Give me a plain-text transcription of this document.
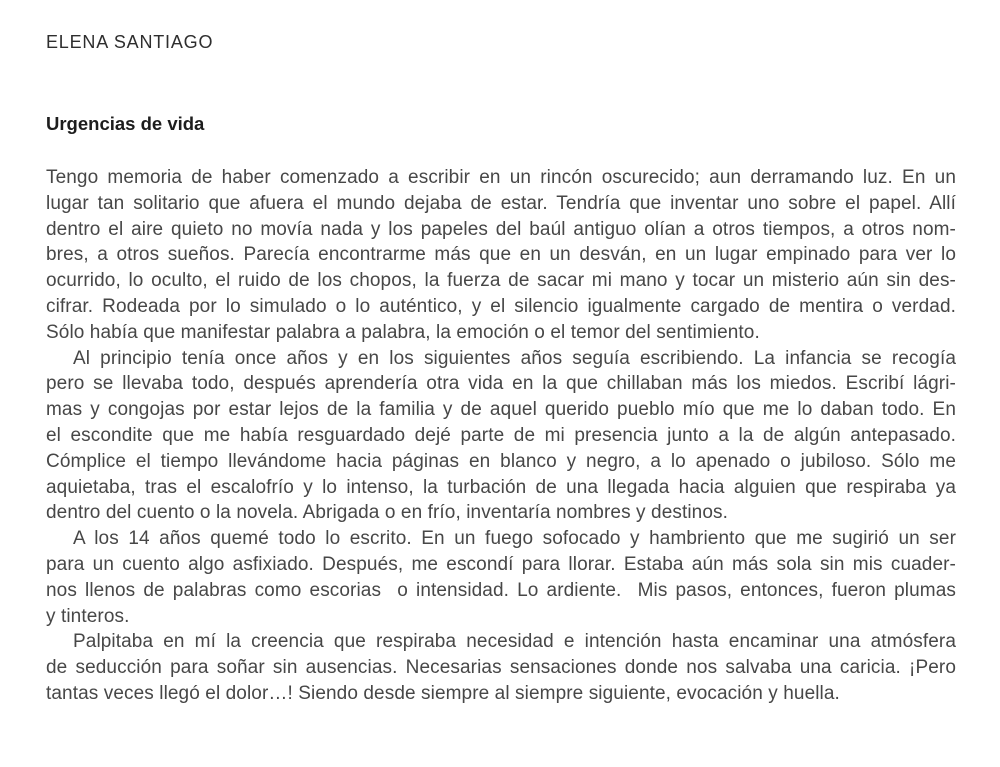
ELENA SANTIAGO
Urgencias de vida
Tengo memoria de haber comenzado a escribir en un rincón oscurecido; aun derramando luz. En un
lugar tan solitario que afuera el mundo dejaba de estar. Tendría que inventar uno sobre el papel. Allí
dentro el aire quieto no movía nada y los papeles del baúl antiguo olían a otros tiempos, a otros nom-
bres, a otros sueños. Parecía encontrarme más que en un desván, en un lugar empinado para ver lo
ocurrido, lo oculto, el ruido de los chopos, la fuerza de sacar mi mano y tocar un misterio aún sin des-
cifrar. Rodeada por lo simulado o lo auténtico, y el silencio igualmente cargado de mentira o verdad.
Sólo había que manifestar palabra a palabra, la emoción o el temor del sentimiento.
Al principio tenía once años y en los siguientes años seguía escribiendo. La infancia se recogía
pero se llevaba todo, después aprendería otra vida en la que chillaban más los miedos. Escribí lágri-
mas y congojas por estar lejos de la familia y de aquel querido pueblo mío que me lo daban todo. En
el escondite que me había resguardado dejé parte de mi presencia junto a la de algún antepasado.
Cómplice el tiempo llevándome hacia páginas en blanco y negro, a lo apenado o jubiloso. Sólo me
aquietaba, tras el escalofrío y lo intenso, la turbación de una llegada hacia alguien que respiraba ya
dentro del cuento o la novela. Abrigada o en frío, inventaría nombres y destinos.
A los 14 años quemé todo lo escrito. En un fuego sofocado y hambriento que me sugirió un ser
para un cuento algo asfixiado. Después, me escondí para llorar. Estaba aún más sola sin mis cuader-
nos llenos de palabras como escorias  o intensidad. Lo ardiente.  Mis pasos, entonces, fueron plumas
y tinteros.
Palpitaba en mí la creencia que respiraba necesidad e intención hasta encaminar una atmósfera
de seducción para soñar sin ausencias. Necesarias sensaciones donde nos salvaba una caricia. ¡Pero
tantas veces llegó el dolor…! Siendo desde siempre al siempre siguiente, evocación y huella.
